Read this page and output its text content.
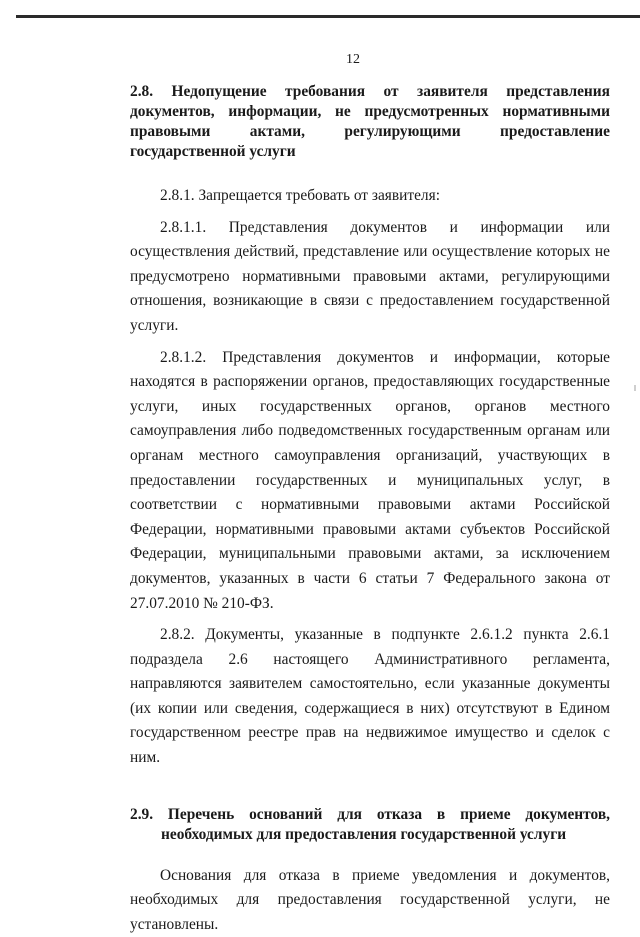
12

2.8. Недопущение требования от заявителя представления документов, информации, не предусмотренных нормативными правовыми актами, регулирующими предоставление государственной услуги

2.8.1. Запрещается требовать от заявителя:

2.8.1.1. Представления документов и информации или осуществления действий, представление или осуществление которых не предусмотрено нормативными правовыми актами, регулирующими отношения, возникающие в связи с предоставлением государственной услуги.

2.8.1.2. Представления документов и информации, которые находятся в распоряжении органов, предоставляющих государственные услуги, иных государственных органов, органов местного самоуправления либо подведомственных государственным органам или органам местного самоуправления организаций, участвующих в предоставлении государственных и муниципальных услуг, в соответствии с нормативными правовыми актами Российской Федерации, нормативными правовыми актами субъектов Российской Федерации, муниципальными правовыми актами, за исключением документов, указанных в части 6 статьи 7 Федерального закона от 27.07.2010 № 210-ФЗ.

2.8.2. Документы, указанные в подпункте 2.6.1.2 пункта 2.6.1 подраздела 2.6 настоящего Административного регламента, направляются заявителем самостоятельно, если указанные документы (их копии или сведения, содержащиеся в них) отсутствуют в Едином государственном реестре прав на недвижимое имущество и сделок с ним.

2.9. Перечень оснований для отказа в приеме документов, необходимых для предоставления государственной услуги

Основания для отказа в приеме уведомления и документов, необходимых для предоставления государственной услуги, не установлены.
